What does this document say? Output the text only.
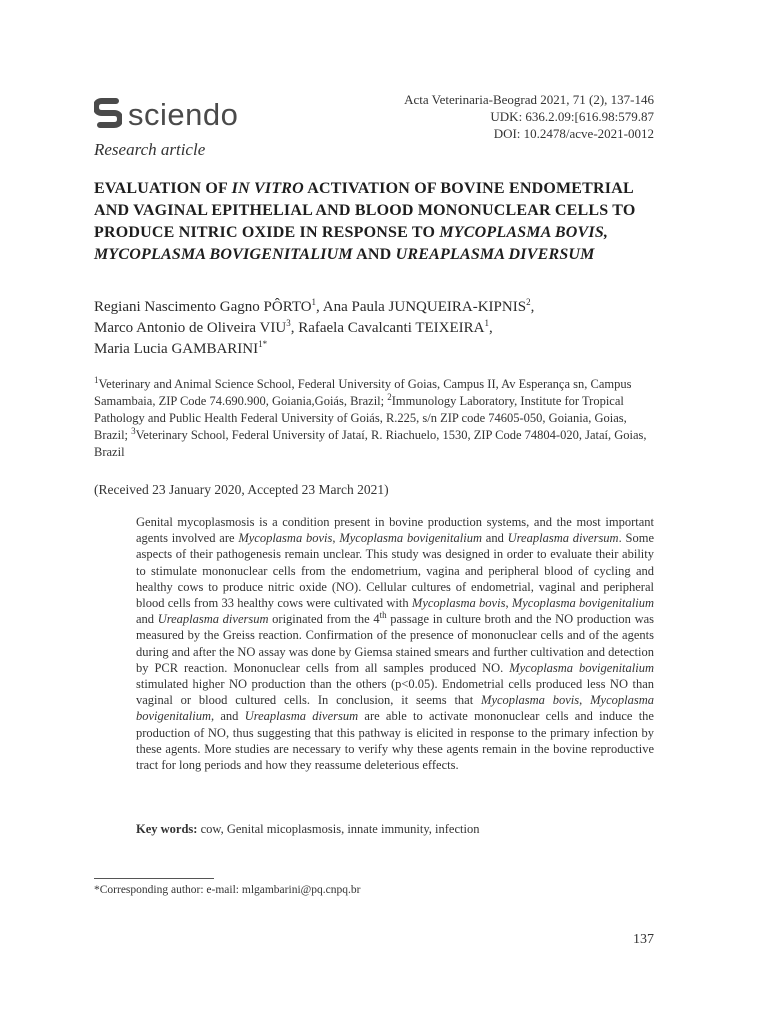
sciendo
Research article
Acta Veterinaria-Beograd 2021, 71 (2), 137-146
UDK: 636.2.09:[616.98:579.87
DOI: 10.2478/acve-2021-0012
EVALUATION OF IN VITRO ACTIVATION OF BOVINE ENDOMETRIAL AND VAGINAL EPITHELIAL AND BLOOD MONONUCLEAR CELLS TO PRODUCE NITRIC OXIDE IN RESPONSE TO MYCOPLASMA BOVIS, MYCOPLASMA BOVIGENITALIUM AND UREAPLASMA DIVERSUM
Regiani Nascimento Gagno PÔRTO$^1$, Ana Paula JUNQUEIRA-KIPNIS$^2$,
Marco Antonio de Oliveira VIU$^3$, Rafaela Cavalcanti TEIXEIRA$^1$,
Maria Lucia $GAMBARINI^{1*}$
$^1$Veterinary and Animal Science School, Federal University of Goias, Campus II, Av Esperança sn, Campus Samambaia, ZIP Code 74.690.900, Goiania,Goiás, Brazil; $^2$Immunology Laboratory, Institute for Tropical Pathology and Public Health Federal University of Goiás, R.225, s/n ZIP code 74605-050, Goiania, Goias, Brazil; $^3$Veterinary School, Federal University of Jataí, R. Riachuelo, 1530, ZIP Code 74804-020, Jataí, Goias, Brazil
(Received 23 January 2020, Accepted 23 March 2021)
Genital mycoplasmosis is a condition present in bovine production systems, and the most important agents involved are Mycoplasma bovis, Mycoplasma bovigenitalium and Ureaplasma diversum. Some aspects of their pathogenesis remain unclear. This study was designed in order to evaluate their ability to stimulate mononuclear cells from the endometrium, vagina and peripheral blood of cycling and healthy cows to produce nitric oxide (NO). Cellular cultures of endometrial, vaginal and peripheral blood cells from 33 healthy cows were cultivated with Mycoplasma bovis, Mycoplasma bovigenitalium and Ureaplasma diversum originated from the 4th passage in culture broth and the NO production was measured by the Greiss reaction. Confirmation of the presence of mononuclear cells and of the agents during and after the NO assay was done by Giemsa stained smears and further cultivation and detection by PCR reaction. Mononuclear cells from all samples produced NO. Mycoplasma bovigenitalium stimulated higher NO production than the others (p<0.05). Endometrial cells produced less NO than vaginal or blood cultured cells. In conclusion, it seems that Mycoplasma bovis, Mycoplasma bovigenitalium, and Ureaplasma diversum are able to activate mononuclear cells and induce the production of NO, thus suggesting that this pathway is elicited in response to the primary infection by these agents. More studies are necessary to verify why these agents remain in the bovine reproductive tract for long periods and how they reassume deleterious effects.
Key words: cow, Genital micoplasmosis, innate immunity, infection
*Corresponding author: e-mail: mlgambarini@pq.cnpq.br
137
